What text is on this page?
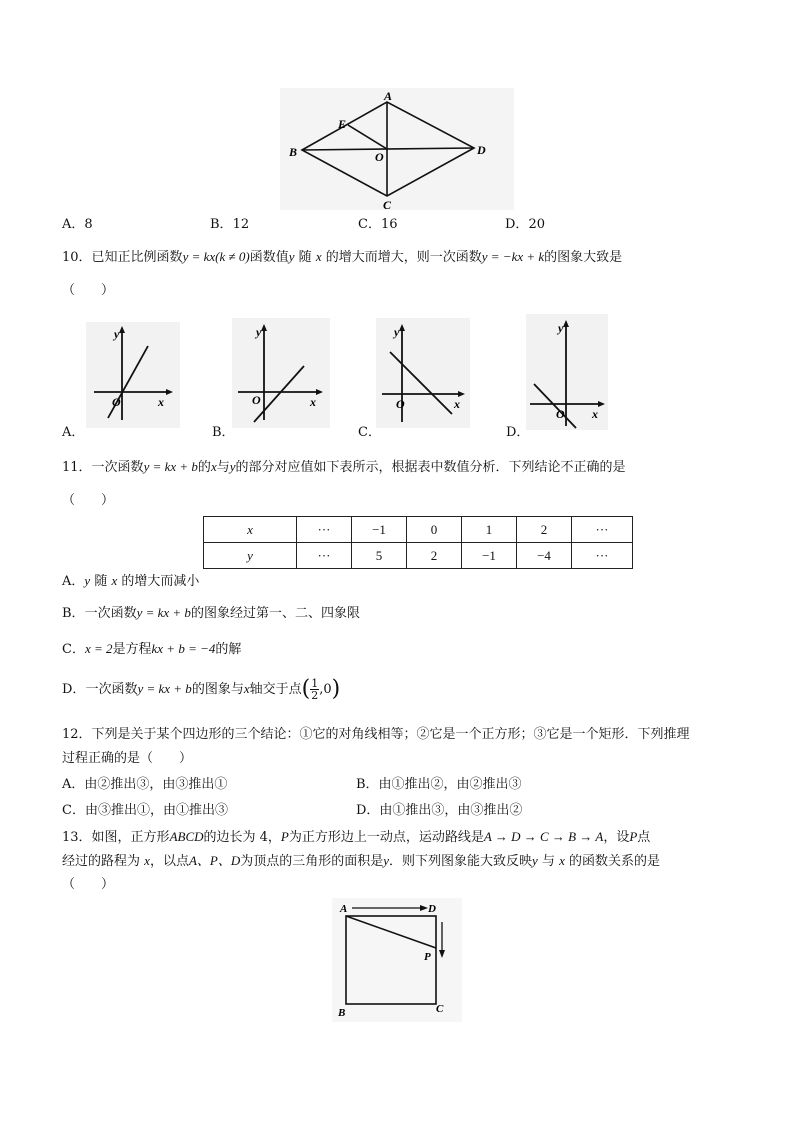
A
B
C
D
E
O
A．8	B．12	C．16	D．20
10．已知正比例函数y = kx(k ≠ 0)函数值y 随 x 的增大而增大，则一次函数y = −kx + k的图象大致是
（　　）
y
x
O
y
x
O
y
x
O
y
x
O
A．	B．	C．	D．
11．一次函数y = kx + b的x与y的部分对应值如下表所示，根据表中数值分析．下列结论不正确的是
（　　）
x	···	−1	0	1	2	···
y	···	5	2	−1	−4	···
A．y 随 x 的增大而减小
B．一次函数y = kx + b的图象经过第一、二、四象限
C．x = 2是方程kx + b = −4的解
D．一次函数y = kx + b的图象与x轴交于点( $\frac{1}{2} ,0$)
12．下列是关于某个四边形的三个结论：①它的对角线相等；②它是一个正方形；③它是一个矩形．下列推理
过程正确的是（　　）
A．由②推出③，由③推出①	B．由①推出②，由②推出③
C．由③推出①，由①推出③	D．由①推出③，由③推出②
13．如图，正方形ABCD的边长为 4，P为正方形边上一动点，运动路线是A → D → C → B → A，设P点
经过的路程为 x，以点A、P、D为顶点的三角形的面积是y．则下列图象能大致反映y 与 x 的函数关系的是
（　　）
A	D
P
B	C
